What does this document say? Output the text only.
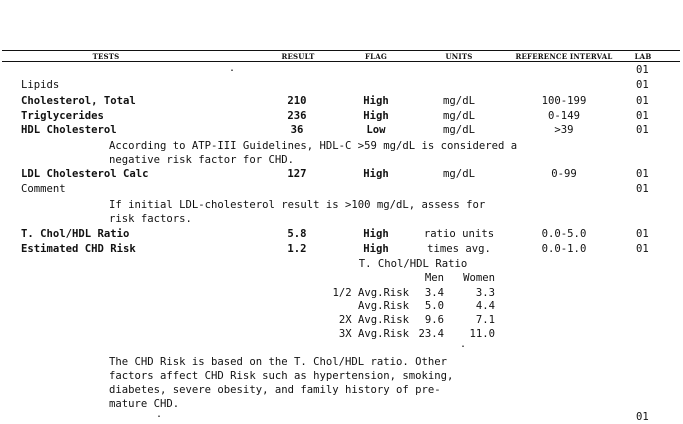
TESTS	RESULT	FLAG	UNITS	REFERENCE INTERVAL	LAB
.	01
Lipids	01
Cholesterol, Total	210	High	mg/dL	100-199	01
Triglycerides	236	High	mg/dL	0-149	01
HDL Cholesterol	36	Low	mg/dL	>39	01
According to ATP-III Guidelines, HDL-C >59 mg/dL is considered a
negative risk factor for CHD.
LDL Cholesterol Calc	127	High	mg/dL	0-99	01
Comment	01
If initial LDL-cholesterol result is >100 mg/dL, assess for
risk factors.
T. Chol/HDL Ratio	5.8	High	ratio units	0.0-5.0	01
Estimated CHD Risk	1.2	High	times avg.	0.0-1.0	01
T. Chol/HDL Ratio
Men Women
1/2 Avg.Risk 3.4	3.3
Avg.Risk 5.0	4.4
2X Avg.Risk 9.6	7.1
3X Avg.Risk 23.4 11.0
.
The CHD Risk is based on the T. Chol/HDL ratio. Other
factors affect CHD Risk such as hypertension, smoking,
diabetes, severe obesity, and family history of pre-
mature CHD.
.	01
